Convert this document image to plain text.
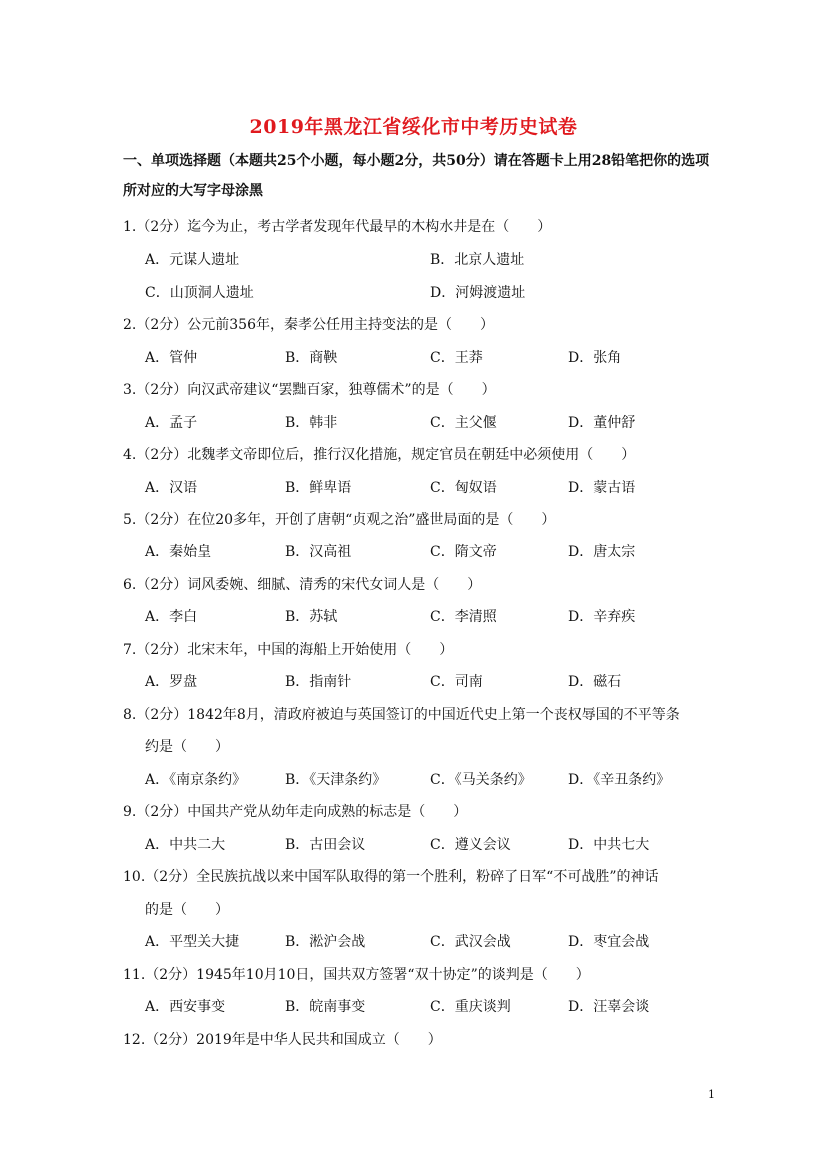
2019年黑龙江省绥化市中考历史试卷
一、单项选择题（本题共25个小题，每小题2分，共50分）请在答题卡上用28铅笔把你的选项所对应的大写字母涂黑
1.（2分）迄今为止，考古学者发现年代最早的木构水井是在（　　）
A．元谋人遗址	B．北京人遗址
C．山顶洞人遗址	D．河姆渡遗址
2.（2分）公元前356年，秦孝公任用主持变法的是（　　）
A．管仲	B．商鞅	C．王莽	D．张角
3.（2分）向汉武帝建议“罢黜百家，独尊儒术”的是（　　）
A．孟子	B．韩非	C．主父偃	D．董仲舒
4.（2分）北魏孝文帝即位后，推行汉化措施，规定官员在朝廷中必须使用（　　）
A．汉语	B．鲜卑语	C．匈奴语	D．蒙古语
5.（2分）在位20多年，开创了唐朝“贞观之治”盛世局面的是（　　）
A．秦始皇	B．汉高祖	C．隋文帝	D．唐太宗
6.（2分）词风委婉、细腻、清秀的宋代女词人是（　　）
A．李白	B．苏轼	C．李清照	D．辛弃疾
7.（2分）北宋末年，中国的海船上开始使用（　　）
A．罗盘	B．指南针	C．司南	D．磁石
8.（2分）1842年8月，清政府被迫与英国签订的中国近代史上第一个丧权辱国的不平等条
约是（　　）
A．《南京条约》	B．《天津条约》	C．《马关条约》	D．《辛丑条约》
9.（2分）中国共产党从幼年走向成熟的标志是（　　）
A．中共二大	B．古田会议	C．遵义会议	D．中共七大
10.（2分）全民族抗战以来中国军队取得的第一个胜利，粉碎了日军“不可战胜”的神话
的是（　　）
A．平型关大捷	B．淞沪会战	C．武汉会战	D．枣宜会战
11.（2分）1945年10月10日，国共双方签署“双十协定”的谈判是（　　）
A．西安事变	B．皖南事变	C．重庆谈判	D．汪辜会谈
12.（2分）2019年是中华人民共和国成立（　　）
1
